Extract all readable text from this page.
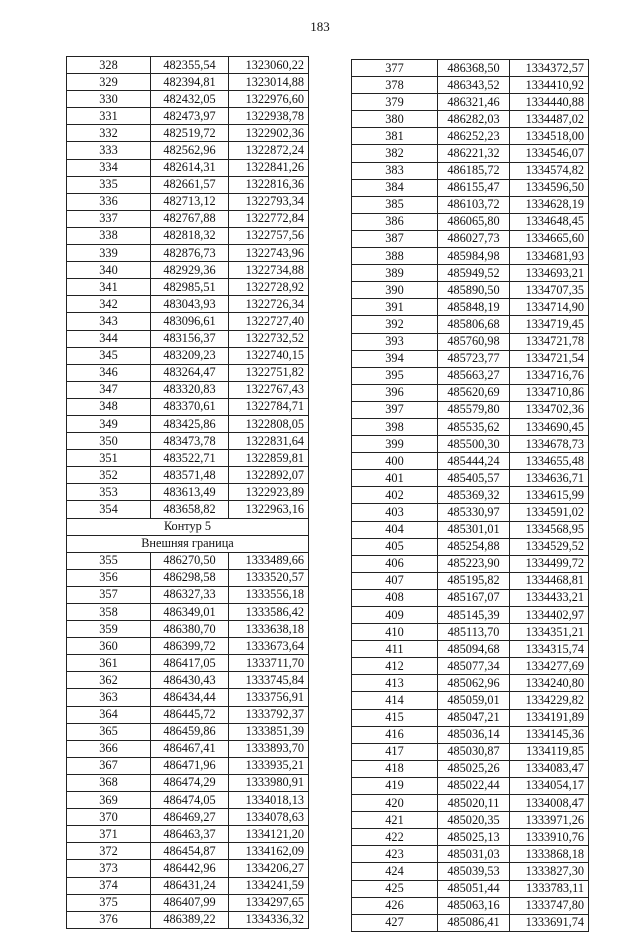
183
328	482355,54	1323060,22
329	482394,81	1323014,88
330	482432,05	1322976,60
331	482473,97	1322938,78
332	482519,72	1322902,36
333	482562,96	1322872,24
334	482614,31	1322841,26
335	482661,57	1322816,36
336	482713,12	1322793,34
337	482767,88	1322772,84
338	482818,32	1322757,56
339	482876,73	1322743,96
340	482929,36	1322734,88
341	482985,51	1322728,92
342	483043,93	1322726,34
343	483096,61	1322727,40
344	483156,37	1322732,52
345	483209,23	1322740,15
346	483264,47	1322751,82
347	483320,83	1322767,43
348	483370,61	1322784,71
349	483425,86	1322808,05
350	483473,78	1322831,64
351	483522,71	1322859,81
352	483571,48	1322892,07
353	483613,49	1322923,89
354	483658,82	1322963,16
Контур 5		
Внешняя граница		
355	486270,50	1333489,66
356	486298,58	1333520,57
357	486327,33	1333556,18
358	486349,01	1333586,42
359	486380,70	1333638,18
360	486399,72	1333673,64
361	486417,05	1333711,70
362	486430,43	1333745,84
363	486434,44	1333756,91
364	486445,72	1333792,37
365	486459,86	1333851,39
366	486467,41	1333893,70
367	486471,96	1333935,21
368	486474,29	1333980,91
369	486474,05	1334018,13
370	486469,27	1334078,63
371	486463,37	1334121,20
372	486454,87	1334162,09
373	486442,96	1334206,27
374	486431,24	1334241,59
375	486407,99	1334297,65
376	486389,22	1334336,32
377	486368,50	1334372,57
378	486343,52	1334410,92
379	486321,46	1334440,88
380	486282,03	1334487,02
381	486252,23	1334518,00
382	486221,32	1334546,07
383	486185,72	1334574,82
384	486155,47	1334596,50
385	486103,72	1334628,19
386	486065,80	1334648,45
387	486027,73	1334665,60
388	485984,98	1334681,93
389	485949,52	1334693,21
390	485890,50	1334707,35
391	485848,19	1334714,90
392	485806,68	1334719,45
393	485760,98	1334721,78
394	485723,77	1334721,54
395	485663,27	1334716,76
396	485620,69	1334710,86
397	485579,80	1334702,36
398	485535,62	1334690,45
399	485500,30	1334678,73
400	485444,24	1334655,48
401	485405,57	1334636,71
402	485369,32	1334615,99
403	485330,97	1334591,02
404	485301,01	1334568,95
405	485254,88	1334529,52
406	485223,90	1334499,72
407	485195,82	1334468,81
408	485167,07	1334433,21
409	485145,39	1334402,97
410	485113,70	1334351,21
411	485094,68	1334315,74
412	485077,34	1334277,69
413	485062,96	1334240,80
414	485059,01	1334229,82
415	485047,21	1334191,89
416	485036,14	1334145,36
417	485030,87	1334119,85
418	485025,26	1334083,47
419	485022,44	1334054,17
420	485020,11	1334008,47
421	485020,35	1333971,26
422	485025,13	1333910,76
423	485031,03	1333868,18
424	485039,53	1333827,30
425	485051,44	1333783,11
426	485063,16	1333747,80
427	485086,41	1333691,74
